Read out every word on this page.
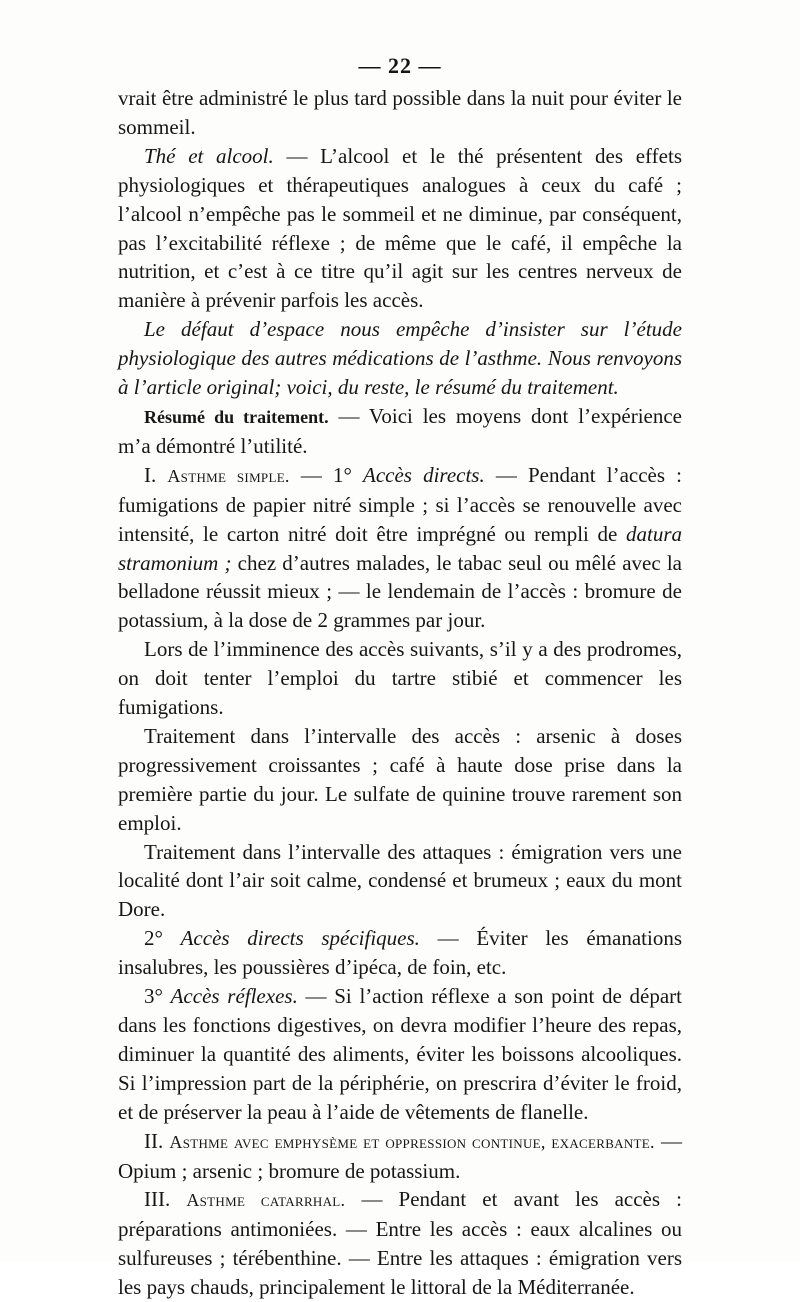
— 22 —

vrait être administré le plus tard possible dans la nuit pour éviter le sommeil.

Thé et alcool. — L’alcool et le thé présentent des effets physiologiques et thérapeutiques analogues à ceux du café ; l’alcool n’empêche pas le sommeil et ne diminue, par conséquent, pas l’excitabilité réflexe ; de même que le café, il empêche la nutrition, et c’est à ce titre qu’il agit sur les centres nerveux de manière à prévenir parfois les accès.

Le défaut d’espace nous empêche d’insister sur l’étude physiologique des autres médications de l’asthme. Nous renvoyons à l’article original; voici, du reste, le résumé du traitement.

Résumé du traitement. — Voici les moyens dont l’expérience m’a démontré l’utilité.

I. Asthme simple. — 1° Accès directs. — Pendant l’accès : fumigations de papier nitré simple ; si l’accès se renouvelle avec intensité, le carton nitré doit être imprégné ou rempli de datura stramonium ; chez d’autres malades, le tabac seul ou mêlé avec la belladone réussit mieux ; — le lendemain de l’accès : bromure de potassium, à la dose de 2 grammes par jour.

Lors de l’imminence des accès suivants, s’il y a des prodromes, on doit tenter l’emploi du tartre stibié et commencer les fumigations.

Traitement dans l’intervalle des accès : arsenic à doses progressivement croissantes ; café à haute dose prise dans la première partie du jour. Le sulfate de quinine trouve rarement son emploi.

Traitement dans l’intervalle des attaques : émigration vers une localité dont l’air soit calme, condensé et brumeux ; eaux du mont Dore.

2° Accès directs spécifiques. — Éviter les émanations insalubres, les poussières d’ipéca, de foin, etc.

3° Accès réflexes. — Si l’action réflexe a son point de départ dans les fonctions digestives, on devra modifier l’heure des repas, diminuer la quantité des aliments, éviter les boissons alcooliques. Si l’impression part de la périphérie, on prescrira d’éviter le froid, et de préserver la peau à l’aide de vêtements de flanelle.

II. Asthme avec emphysème et oppression continue, exacerbante. — Opium ; arsenic ; bromure de potassium.

III. Asthme catarrhal. — Pendant et avant les accès : préparations antimoniées. — Entre les accès : eaux alcalines ou sulfureuses ; térébenthine. — Entre les attaques : émigration vers les pays chauds, principalement le littoral de la Méditerranée.
